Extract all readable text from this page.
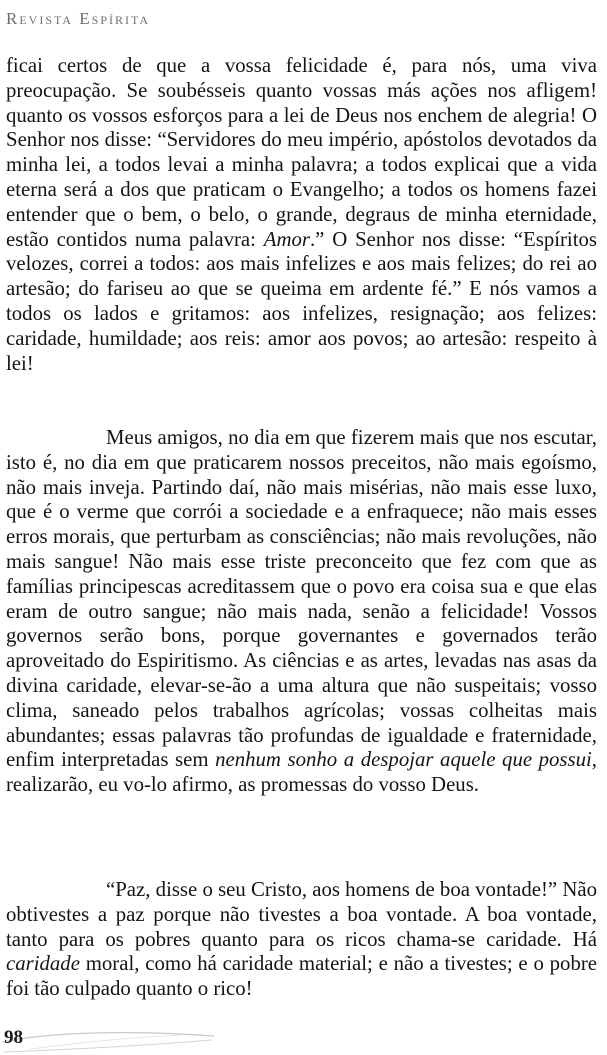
Revista Espírita

ficai certos de que a vossa felicidade é, para nós, uma viva preocupação. Se soubésseis quanto vossas más ações nos afligem! quanto os vossos esforços para a lei de Deus nos enchem de alegria! O Senhor nos disse: “Servidores do meu império, apóstolos devotados da minha lei, a todos levai a minha palavra; a todos explicai que a vida eterna será a dos que praticam o Evangelho; a todos os homens fazei entender que o bem, o belo, o grande, degraus de minha eternidade, estão contidos numa palavra: Amor.” O Senhor nos disse: “Espíritos velozes, correi a todos: aos mais infelizes e aos mais felizes; do rei ao artesão; do fariseu ao que se queima em ardente fé.” E nós vamos a todos os lados e gritamos: aos infelizes, resignação; aos felizes: caridade, humildade; aos reis: amor aos povos; ao artesão: respeito à lei!

Meus amigos, no dia em que fizerem mais que nos escutar, isto é, no dia em que praticarem nossos preceitos, não mais egoísmo, não mais inveja. Partindo daí, não mais misérias, não mais esse luxo, que é o verme que corrói a sociedade e a enfraquece; não mais esses erros morais, que perturbam as consciências; não mais revoluções, não mais sangue! Não mais esse triste preconceito que fez com que as famílias principescas acreditassem que o povo era coisa sua e que elas eram de outro sangue; não mais nada, senão a felicidade! Vossos governos serão bons, porque governantes e governados terão aproveitado do Espiritismo. As ciências e as artes, levadas nas asas da divina caridade, elevar-se-ão a uma altura que não suspeitais; vosso clima, saneado pelos trabalhos agrícolas; vossas colheitas mais abundantes; essas palavras tão profundas de igualdade e fraternidade, enfim interpretadas sem nenhum sonho a despojar aquele que possui, realizarão, eu vo-lo afirmo, as promessas do vosso Deus.

“Paz, disse o seu Cristo, aos homens de boa vontade!” Não obtivestes a paz porque não tivestes a boa vontade. A boa vontade, tanto para os pobres quanto para os ricos chama-se caridade. Há caridade moral, como há caridade material; e não a tivestes; e o pobre foi tão culpado quanto o rico!

98
